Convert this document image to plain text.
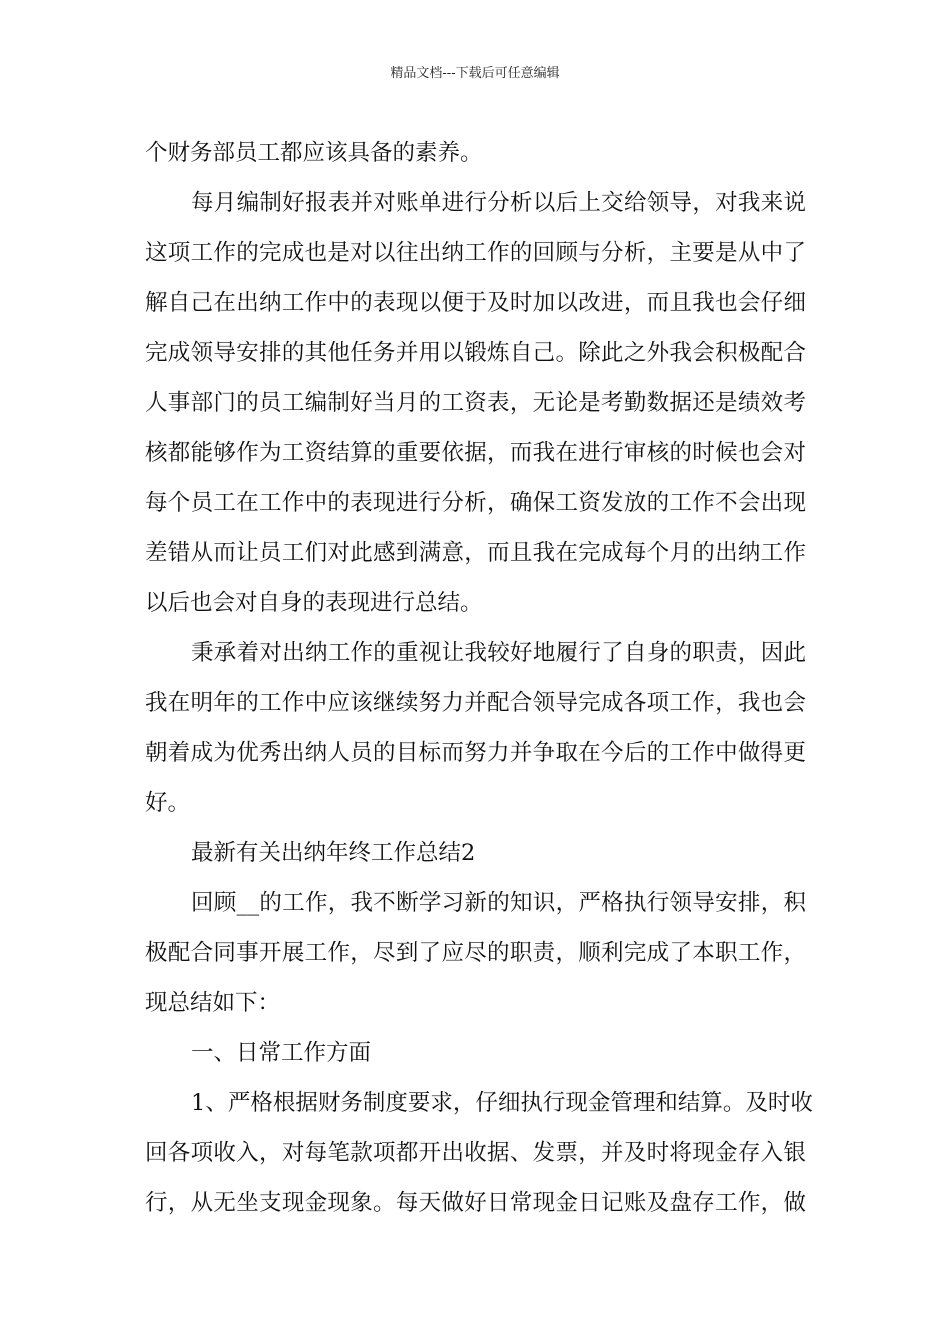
精品文档---下载后可任意编辑
个财务部员工都应该具备的素养。
每月编制好报表并对账单进行分析以后上交给领导，对我来说
这项工作的完成也是对以往出纳工作的回顾与分析，主要是从中了
解自己在出纳工作中的表现以便于及时加以改进，而且我也会仔细
完成领导安排的其他任务并用以锻炼自己。除此之外我会积极配合
人事部门的员工编制好当月的工资表，无论是考勤数据还是绩效考
核都能够作为工资结算的重要依据，而我在进行审核的时候也会对
每个员工在工作中的表现进行分析，确保工资发放的工作不会出现
差错从而让员工们对此感到满意，而且我在完成每个月的出纳工作
以后也会对自身的表现进行总结。
秉承着对出纳工作的重视让我较好地履行了自身的职责，因此
我在明年的工作中应该继续努力并配合领导完成各项工作，我也会
朝着成为优秀出纳人员的目标而努力并争取在今后的工作中做得更
好。
最新有关出纳年终工作总结2
回顾__的工作，我不断学习新的知识，严格执行领导安排，积
极配合同事开展工作，尽到了应尽的职责，顺利完成了本职工作，
现总结如下：
一、日常工作方面
1、严格根据财务制度要求，仔细执行现金管理和结算。及时收
回各项收入，对每笔款项都开出收据、发票，并及时将现金存入银
行，从无坐支现金现象。每天做好日常现金日记账及盘存工作，做
